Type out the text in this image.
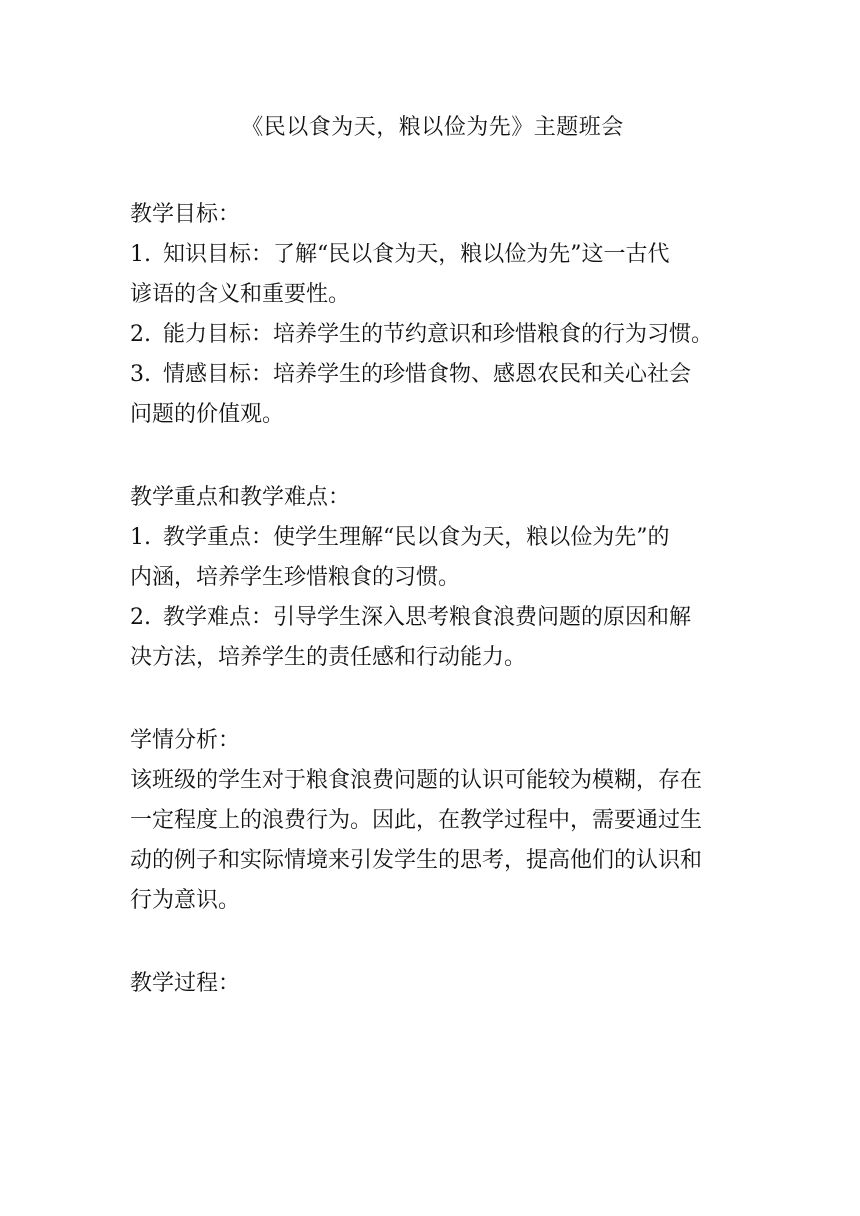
《民以食为天，粮以俭为先》主题班会
教学目标：
1. 知识目标：了解“民以食为天，粮以俭为先”这一古代
谚语的含义和重要性。
2. 能力目标：培养学生的节约意识和珍惜粮食的行为习惯。
3. 情感目标：培养学生的珍惜食物、感恩农民和关心社会
问题的价值观。
教学重点和教学难点：
1. 教学重点：使学生理解“民以食为天，粮以俭为先”的
内涵，培养学生珍惜粮食的习惯。
2. 教学难点：引导学生深入思考粮食浪费问题的原因和解
决方法，培养学生的责任感和行动能力。
学情分析：
该班级的学生对于粮食浪费问题的认识可能较为模糊，存在
一定程度上的浪费行为。因此，在教学过程中，需要通过生
动的例子和实际情境来引发学生的思考，提高他们的认识和
行为意识。
教学过程：
